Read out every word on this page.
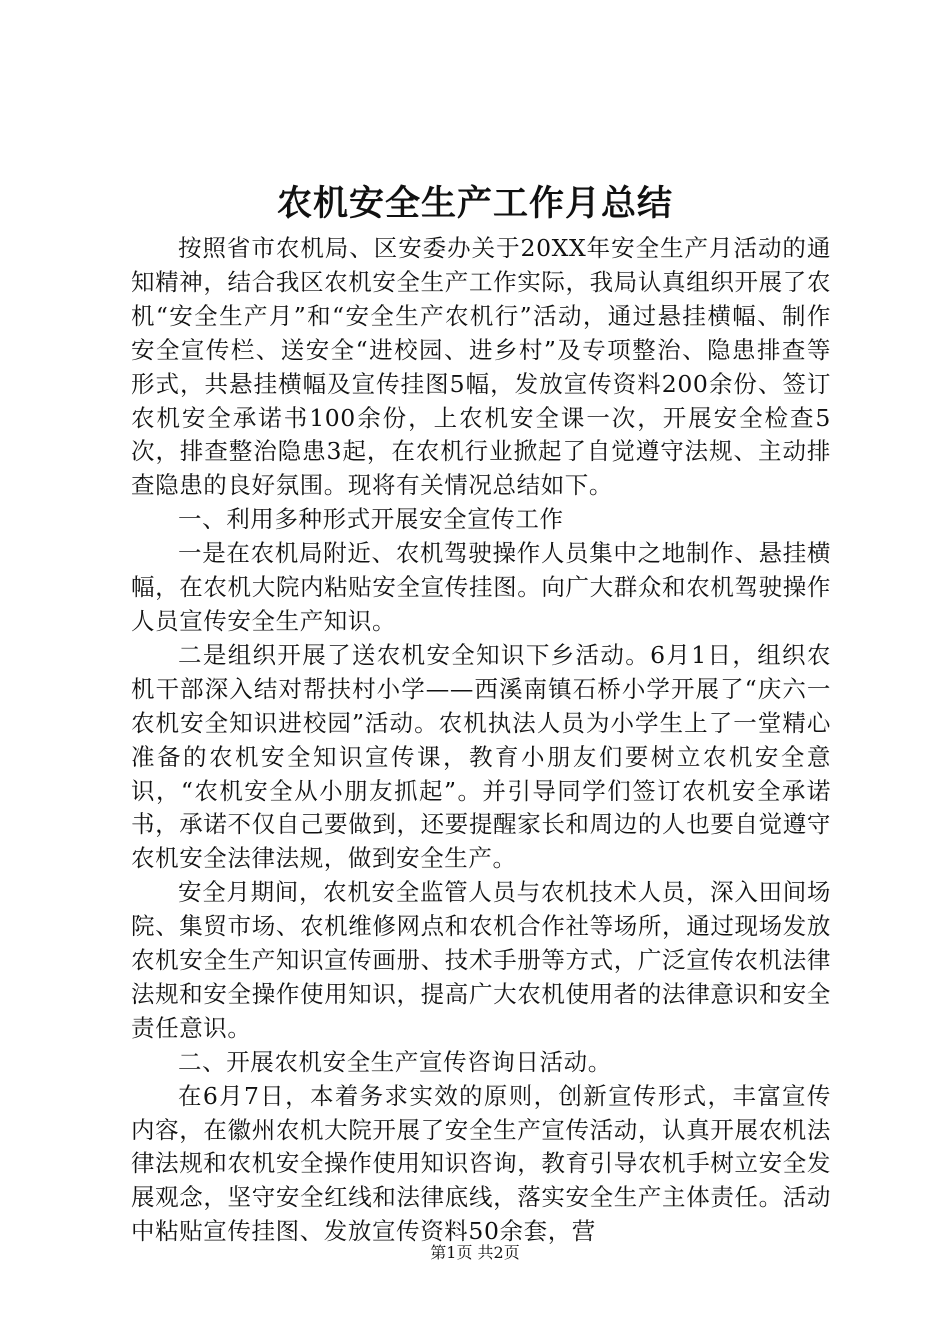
农机安全生产工作月总结

按照省市农机局、区安委办关于20XX年安全生产月活动的通知精神，结合我区农机安全生产工作实际，我局认真组织开展了农机“安全生产月”和“安全生产农机行”活动，通过悬挂横幅、制作安全宣传栏、送安全“进校园、进乡村”及专项整治、隐患排查等形式，共悬挂横幅及宣传挂图5幅，发放宣传资料200余份、签订农机安全承诺书100余份，上农机安全课一次，开展安全检查5次，排查整治隐患3起，在农机行业掀起了自觉遵守法规、主动排查隐患的良好氛围。现将有关情况总结如下。

一、利用多种形式开展安全宣传工作

一是在农机局附近、农机驾驶操作人员集中之地制作、悬挂横幅，在农机大院内粘贴安全宣传挂图。向广大群众和农机驾驶操作人员宣传安全生产知识。

二是组织开展了送农机安全知识下乡活动。6月1日，组织农机干部深入结对帮扶村小学——西溪南镇石桥小学开展了“庆六一农机安全知识进校园”活动。农机执法人员为小学生上了一堂精心准备的农机安全知识宣传课，教育小朋友们要树立农机安全意识，“农机安全从小朋友抓起”。并引导同学们签订农机安全承诺书，承诺不仅自己要做到，还要提醒家长和周边的人也要自觉遵守农机安全法律法规，做到安全生产。

安全月期间，农机安全监管人员与农机技术人员，深入田间场院、集贸市场、农机维修网点和农机合作社等场所，通过现场发放农机安全生产知识宣传画册、技术手册等方式，广泛宣传农机法律法规和安全操作使用知识，提高广大农机使用者的法律意识和安全责任意识。

二、开展农机安全生产宣传咨询日活动。

在6月7日，本着务求实效的原则，创新宣传形式，丰富宣传内容，在徽州农机大院开展了安全生产宣传活动，认真开展农机法律法规和农机安全操作使用知识咨询，教育引导农机手树立安全发展观念，坚守安全红线和法律底线，落实安全生产主体责任。活动中粘贴宣传挂图、发放宣传资料50余套，营

第1页 共2页
